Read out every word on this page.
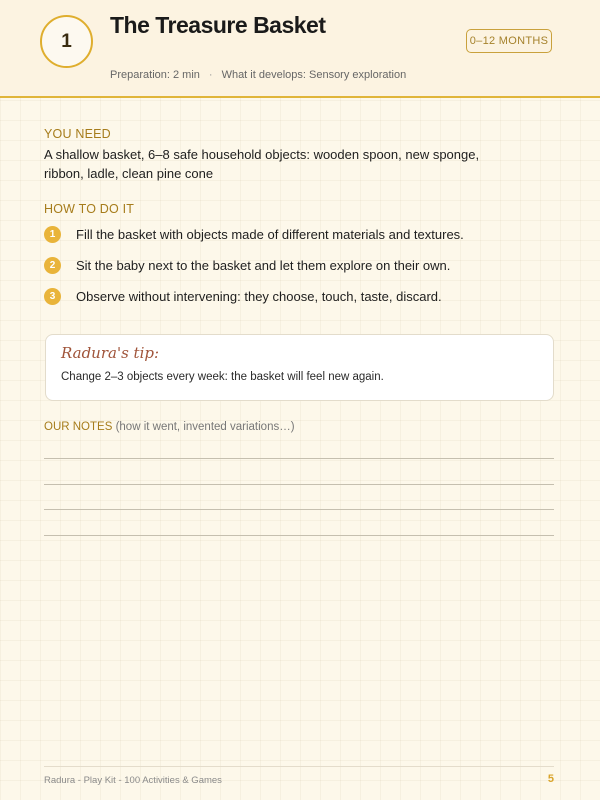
1
The Treasure Basket
0–12 MONTHS
Preparation: 2 min · What it develops: Sensory exploration
YOU NEED
A shallow basket, 6–8 safe household objects: wooden spoon, new sponge, ribbon, ladle, clean pine cone
HOW TO DO IT
1	Fill the basket with objects made of different materials and textures.
2	Sit the baby next to the basket and let them explore on their own.
3	Observe without intervening: they choose, touch, taste, discard.
Radura's tip:
Change 2–3 objects every week: the basket will feel new again.
OUR NOTES (how it went, invented variations…)
Radura - Play Kit - 100 Activities & Games	5
